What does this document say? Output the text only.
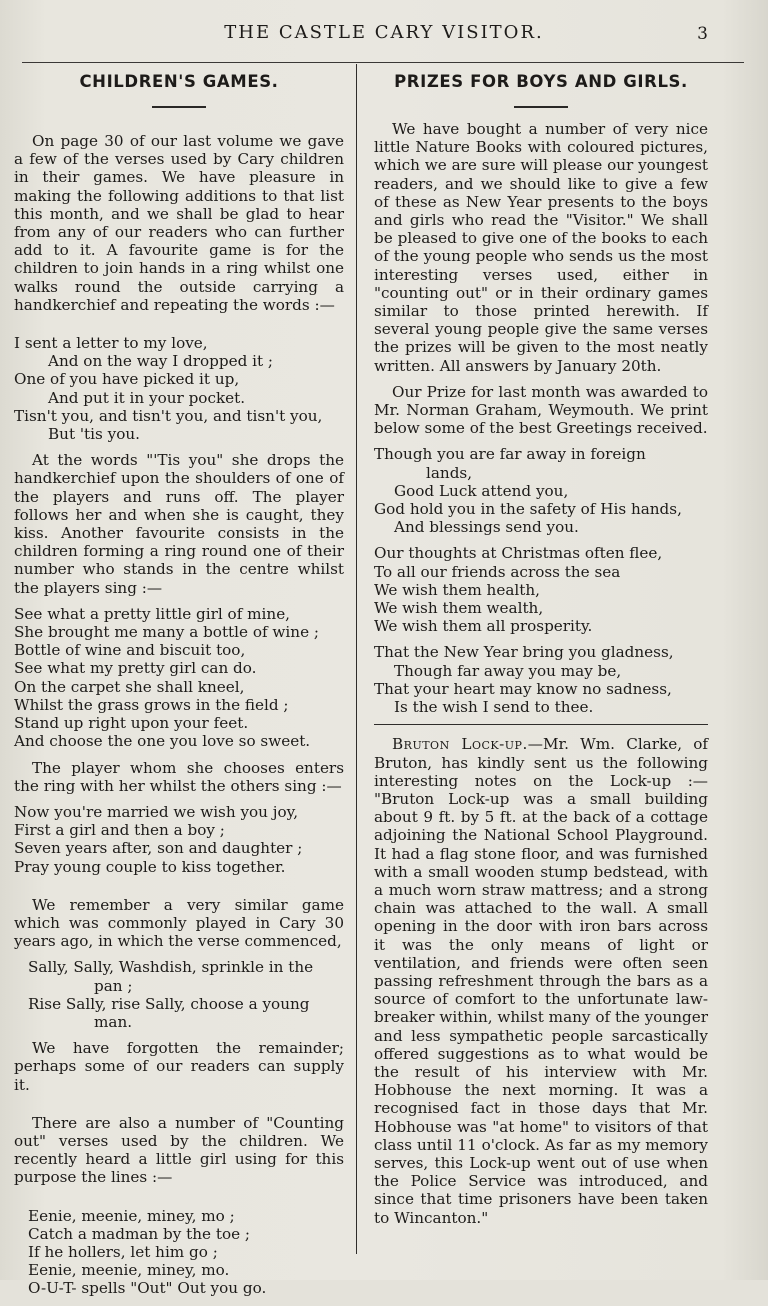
THE CASTLE CARY VISITOR.	3
CHILDREN'S GAMES.

On page 30 of our last volume we gave a few of the verses used by Cary children in their games. We have pleasure in making the following additions to that list this month, and we shall be glad to hear from any of our readers who can further add to it. A favourite game is for the children to join hands in a ring whilst one walks round the outside carrying a handkerchief and repeating the words :—

I sent a letter to my love,
And on the way I dropped it ;
One of you have picked it up,
And put it in your pocket.
Tisn't you, and tisn't you, and tisn't you,
But 'tis you.

At the words "'Tis you" she drops the handkerchief upon the shoulders of one of the players and runs off. The player follows her and when she is caught, they kiss. Another favourite consists in the children forming a ring round one of their number who stands in the centre whilst the players sing :—

See what a pretty little girl of mine,
She brought me many a bottle of wine ;
Bottle of wine and biscuit too,
See what my pretty girl can do.
On the carpet she shall kneel,
Whilst the grass grows in the field ;
Stand up right upon your feet.
And choose the one you love so sweet.

The player whom she chooses enters the ring with her whilst the others sing :—

Now you're married we wish you joy,
First a girl and then a boy ;
Seven years after, son and daughter ;
Pray young couple to kiss together.

We remember a very similar game which was commonly played in Cary 30 years ago, in which the verse commenced,

Sally, Sally, Washdish, sprinkle in the
pan ;
Rise Sally, rise Sally, choose a young
man.

We have forgotten the remainder; perhaps some of our readers can supply it.

There are also a number of "Counting out" verses used by the children. We recently heard a little girl using for this purpose the lines :—

Eenie, meenie, miney, mo ;
Catch a madman by the toe ;
If he hollers, let him go ;
Eenie, meenie, miney, mo.
O-U-T- spells "Out" Out you go.
PRIZES FOR BOYS AND GIRLS.

We have bought a number of very nice little Nature Books with coloured pictures, which we are sure will please our youngest readers, and we should like to give a few of these as New Year presents to the boys and girls who read the "Visitor." We shall be pleased to give one of the books to each of the young people who sends us the most interesting verses used, either in "counting out" or in their ordinary games similar to those printed herewith. If several young people give the same verses the prizes will be given to the most neatly written. All answers by January 20th.

Our Prize for last month was awarded to Mr. Norman Graham, Weymouth. We print below some of the best Greetings received.

Though you are far away in foreign
lands,
Good Luck attend you,
God hold you in the safety of His hands,
And blessings send you.
Our thoughts at Christmas often flee,
To all our friends across the sea
We wish them health,
We wish them wealth,
We wish them all prosperity.
That the New Year bring you gladness,
Though far away you may be,
That your heart may know no sadness,
Is the wish I send to thee.

Bruton Lock-up.—Mr. Wm. Clarke, of Bruton, has kindly sent us the following interesting notes on the Lock-up :— "Bruton Lock-up was a small building about 9 ft. by 5 ft. at the back of a cottage adjoining the National School Playground. It had a flag stone floor, and was furnished with a small wooden stump bedstead, with a much worn straw mattress; and a strong chain was attached to the wall. A small opening in the door with iron bars across it was the only means of light or ventilation, and friends were often seen passing refreshment through the bars as a source of comfort to the unfortunate law-breaker within, whilst many of the younger and less sympathetic people sarcastically offered suggestions as to what would be the result of his interview with Mr. Hobhouse the next morning. It was a recognised fact in those days that Mr. Hobhouse was "at home" to visitors of that class until 11 o'clock. As far as my memory serves, this Lock-up went out of use when the Police Service was introduced, and since that time prisoners have been taken to Wincanton."
